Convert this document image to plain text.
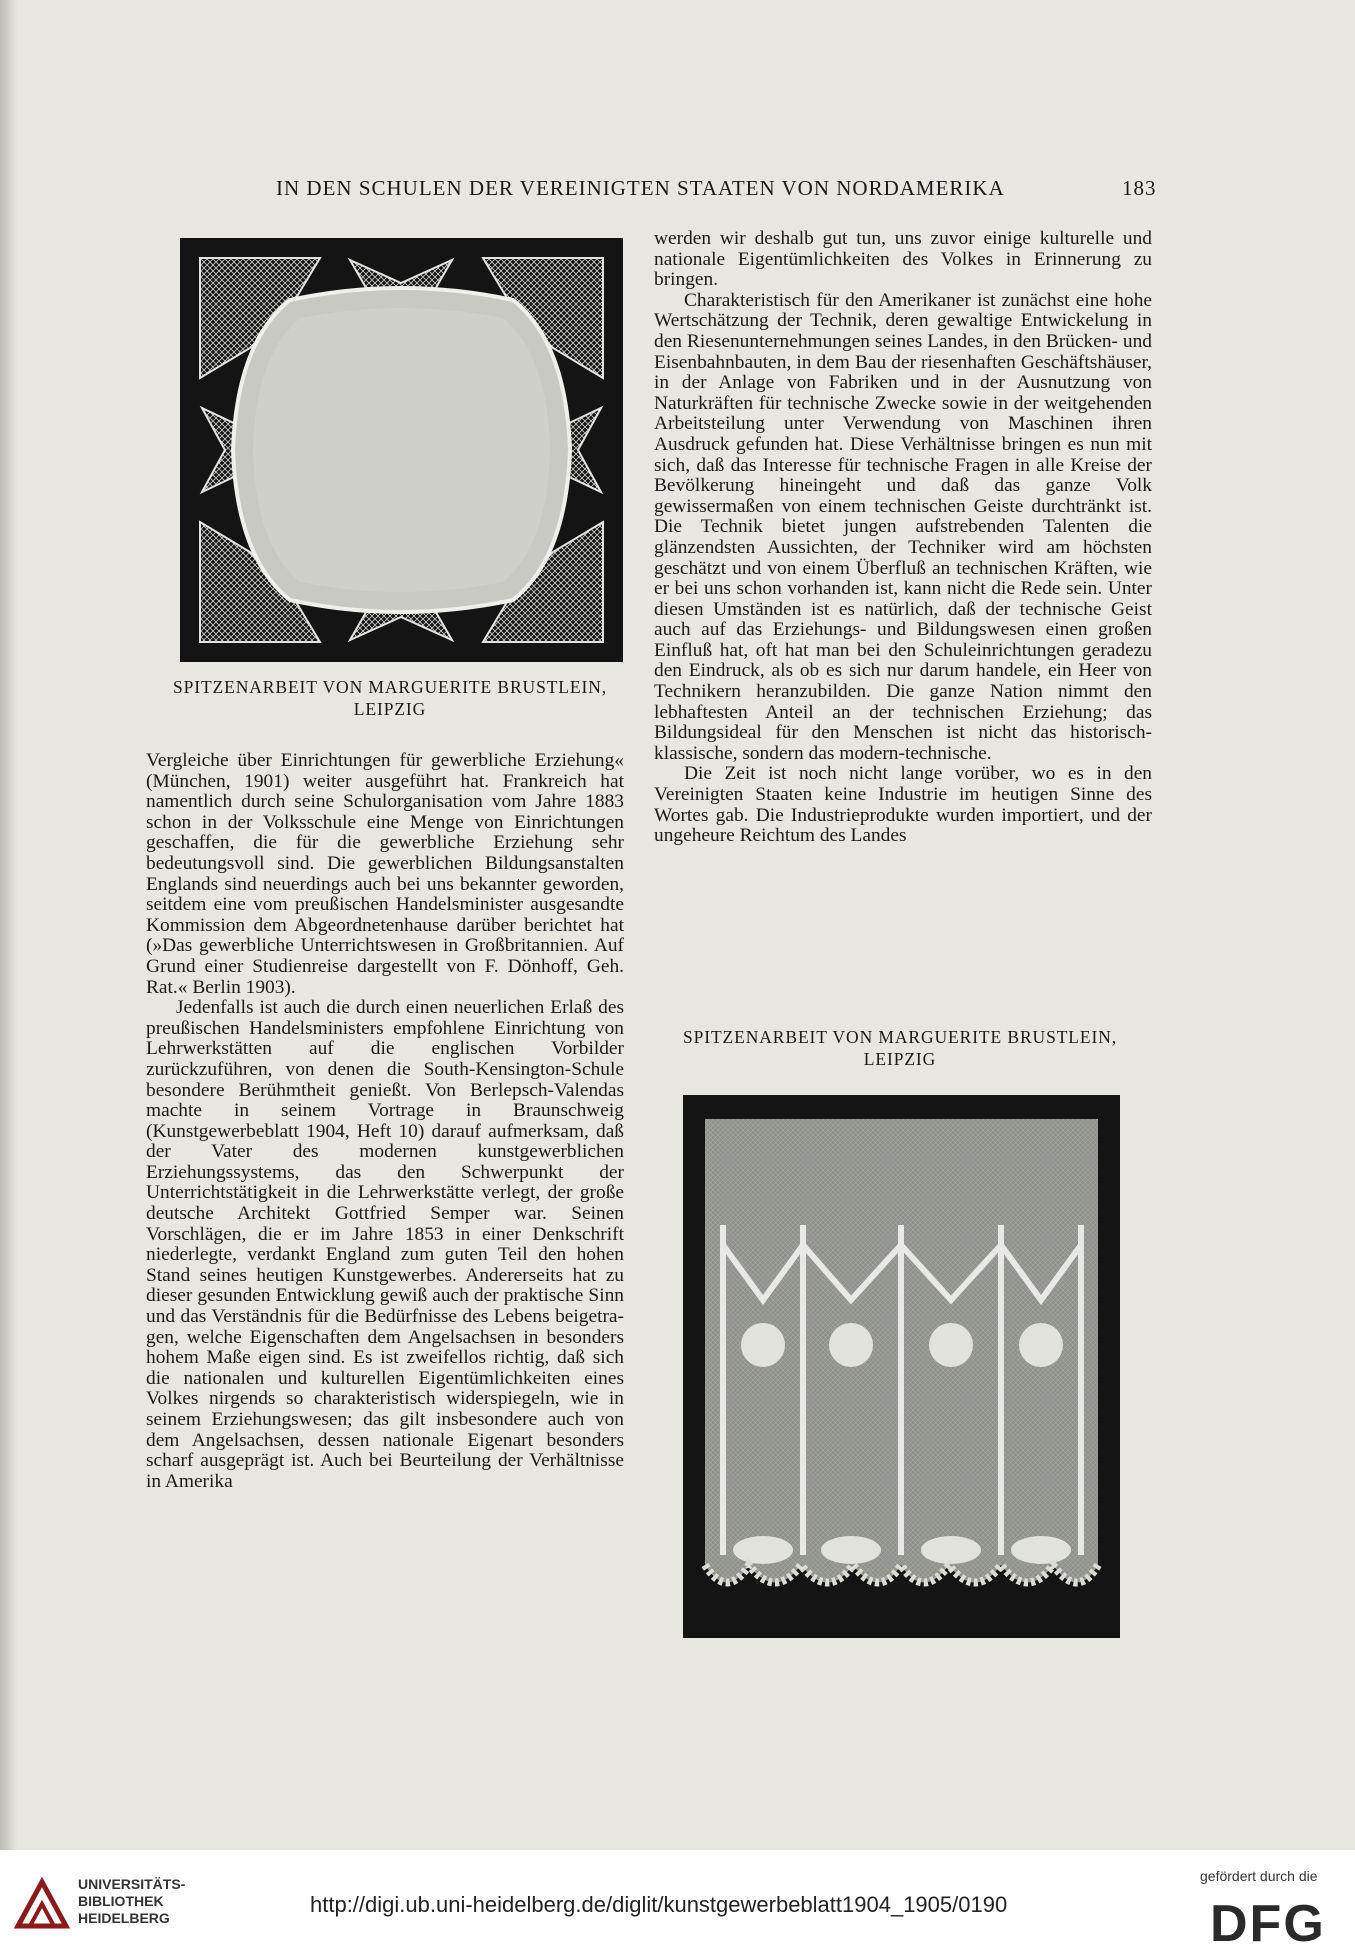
IN DEN SCHULEN DER VEREINIGTEN STAATEN VON NORDAMERIKA	183
SPITZENARBEIT VON MARGUERITE BRUSTLEIN,
LEIPZIG

Vergleiche über Einrichtungen für gewerbliche Erziehung« (München, 1901) weiter ausgeführt hat. Frankreich hat namentlich durch seine Schulorganisation vom Jahre 1883 schon in der Volksschule eine Menge von Einrichtungen geschaffen, die für die gewerbliche Erziehung sehr bedeutungsvoll sind. Die gewerblichen Bildungsanstalten Englands sind neuerdings auch bei uns bekannter geworden, seitdem eine vom preußischen Handelsminister ausgesandte Kommission dem Abgeordnetenhause darüber berichtet hat (»Das gewerbliche Unterrichtswesen in Großbritannien. Auf Grund einer Studienreise dargestellt von F. Dönhoff, Geh. Rat.« Berlin 1903).

Jedenfalls ist auch die durch einen neuerlichen Erlaß des preußischen Handelsministers empfohlene Einrichtung von Lehrwerkstätten auf die englischen Vorbilder zurückzuführen, von denen die South-Kensington-Schule besondere Berühmtheit genießt. Von Berlepsch-Valendas machte in seinem Vortrage in Braunschweig (Kunstgewerbeblatt 1904, Heft 10) darauf aufmerksam, daß der Vater des modernen kunstgewerblichen Erziehungssystems, das den Schwerpunkt der Unterrichtstätigkeit in die Lehrwerkstätte verlegt, der große deutsche Architekt Gottfried Semper war. Seinen Vorschlägen, die er im Jahre 1853 in einer Denkschrift niederlegte, verdankt England zum guten Teil den hohen Stand seines heutigen Kunstgewerbes. Andererseits hat zu dieser gesunden Entwicklung gewiß auch der praktische Sinn und das Verständnis für die Bedürfnisse des Lebens beigetragen, welche Eigenschaften dem Angelsachsen in besonders hohem Maße eigen sind. Es ist zweifellos richtig, daß sich die nationalen und kulturellen Eigentümlichkeiten eines Volkes nirgends so charakteristisch widerspiegeln, wie in seinem Erziehungswesen; das gilt insbesondere auch von dem Angelsachsen, dessen nationale Eigenart besonders scharf ausgeprägt ist. Auch bei Beurteilung der Verhältnisse in Amerika

werden wir deshalb gut tun, uns zuvor einige kulturelle und nationale Eigentümlichkeiten des Volkes in Erinnerung zu bringen.

Charakteristisch für den Amerikaner ist zunächst eine hohe Wertschätzung der Technik, deren gewaltige Entwickelung in den Riesenunternehmungen seines Landes, in den Brücken- und Eisenbahnbauten, in dem Bau der riesenhaften Geschäftshäuser, in der Anlage von Fabriken und in der Ausnutzung von Naturkräften für technische Zwecke sowie in der weitgehenden Arbeitsteilung unter Verwendung von Maschinen ihren Ausdruck gefunden hat. Diese Verhältnisse bringen es nun mit sich, daß das Interesse für technische Fragen in alle Kreise der Bevölkerung hineingeht und daß das ganze Volk gewissermaßen von einem technischen Geiste durchtränkt ist. Die Technik bietet jungen aufstrebenden Talenten die glänzendsten Aussichten, der Techniker wird am höchsten geschätzt und von einem Überfluß an technischen Kräften, wie er bei uns schon vorhanden ist, kann nicht die Rede sein. Unter diesen Umständen ist es natürlich, daß der technische Geist auch auf das Erziehungs- und Bildungswesen einen großen Einfluß hat, oft hat man bei den Schuleinrichtungen geradezu den Eindruck, als ob es sich nur darum handele, ein Heer von Technikern heranzubilden. Die ganze Nation nimmt den lebhaftesten Anteil an der technischen Erziehung; das Bildungsideal für den Menschen ist nicht das historisch-klassische, sondern das modern-technische.

Die Zeit ist noch nicht lange vorüber, wo es in den Vereinigten Staaten keine Industrie im heutigen Sinne des Wortes gab. Die Industrieprodukte wurden importiert, und der ungeheure Reichtum des Landes

SPITZENARBEIT VON MARGUERITE BRUSTLEIN,
LEIPZIG
UNIVERSITÄTS-
BIBLIOTHEK
HEIDELBERG
http://digi.ub.uni-heidelberg.de/diglit/kunstgewerbeblatt1904_1905/0190
gefördert durch die
DFG
